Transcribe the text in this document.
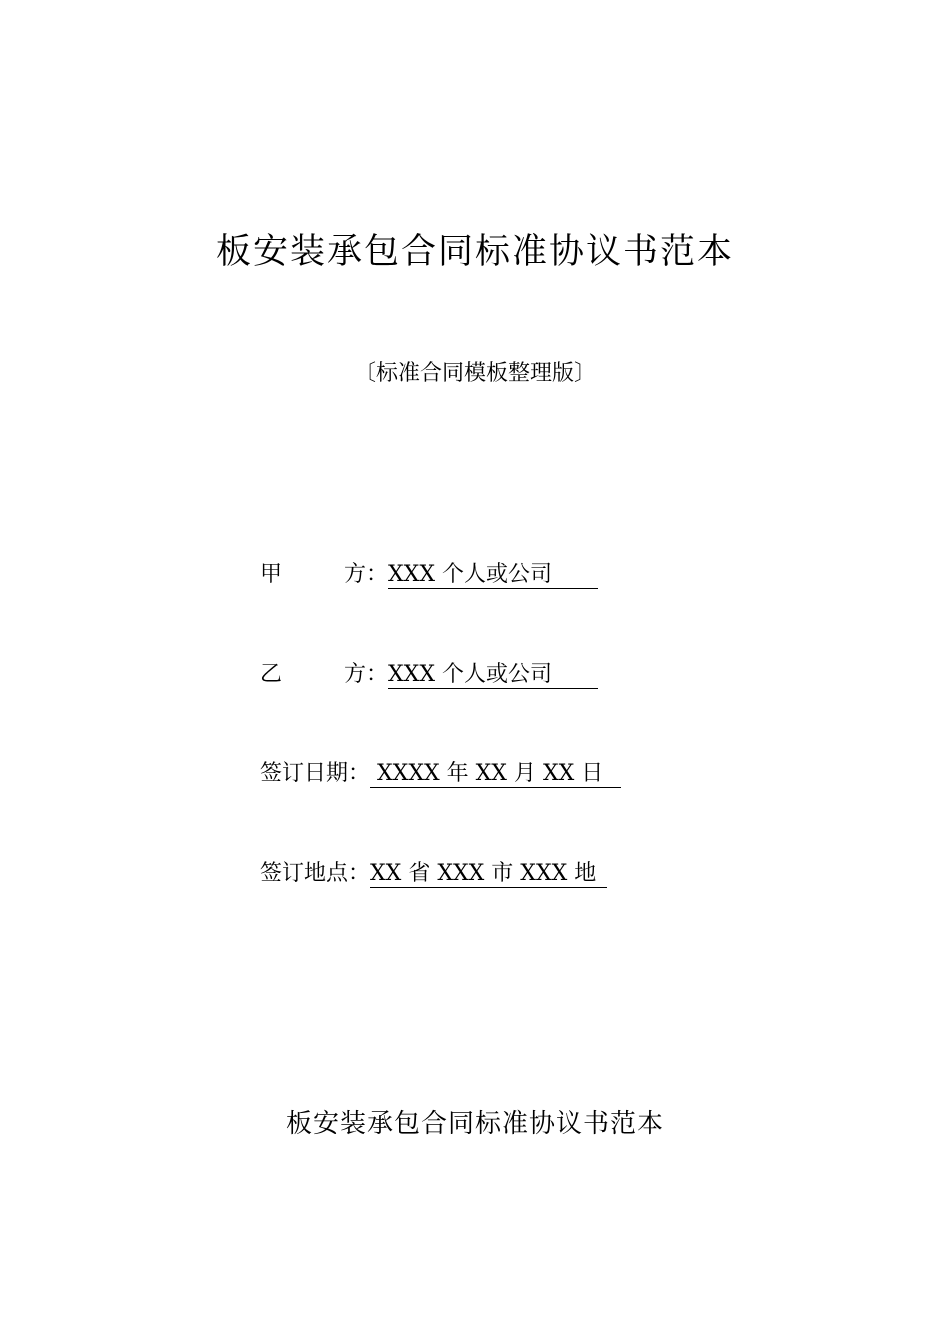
板安装承包合同标准协议书范本
〔标准合同模板整理版〕
甲	方： XXX 个人或公司
乙	方： XXX 个人或公司
签订日期： XXXX 年 XX 月 XX 日
签订地点： XX 省 XXX 市 XXX 地
板安装承包合同标准协议书范本
